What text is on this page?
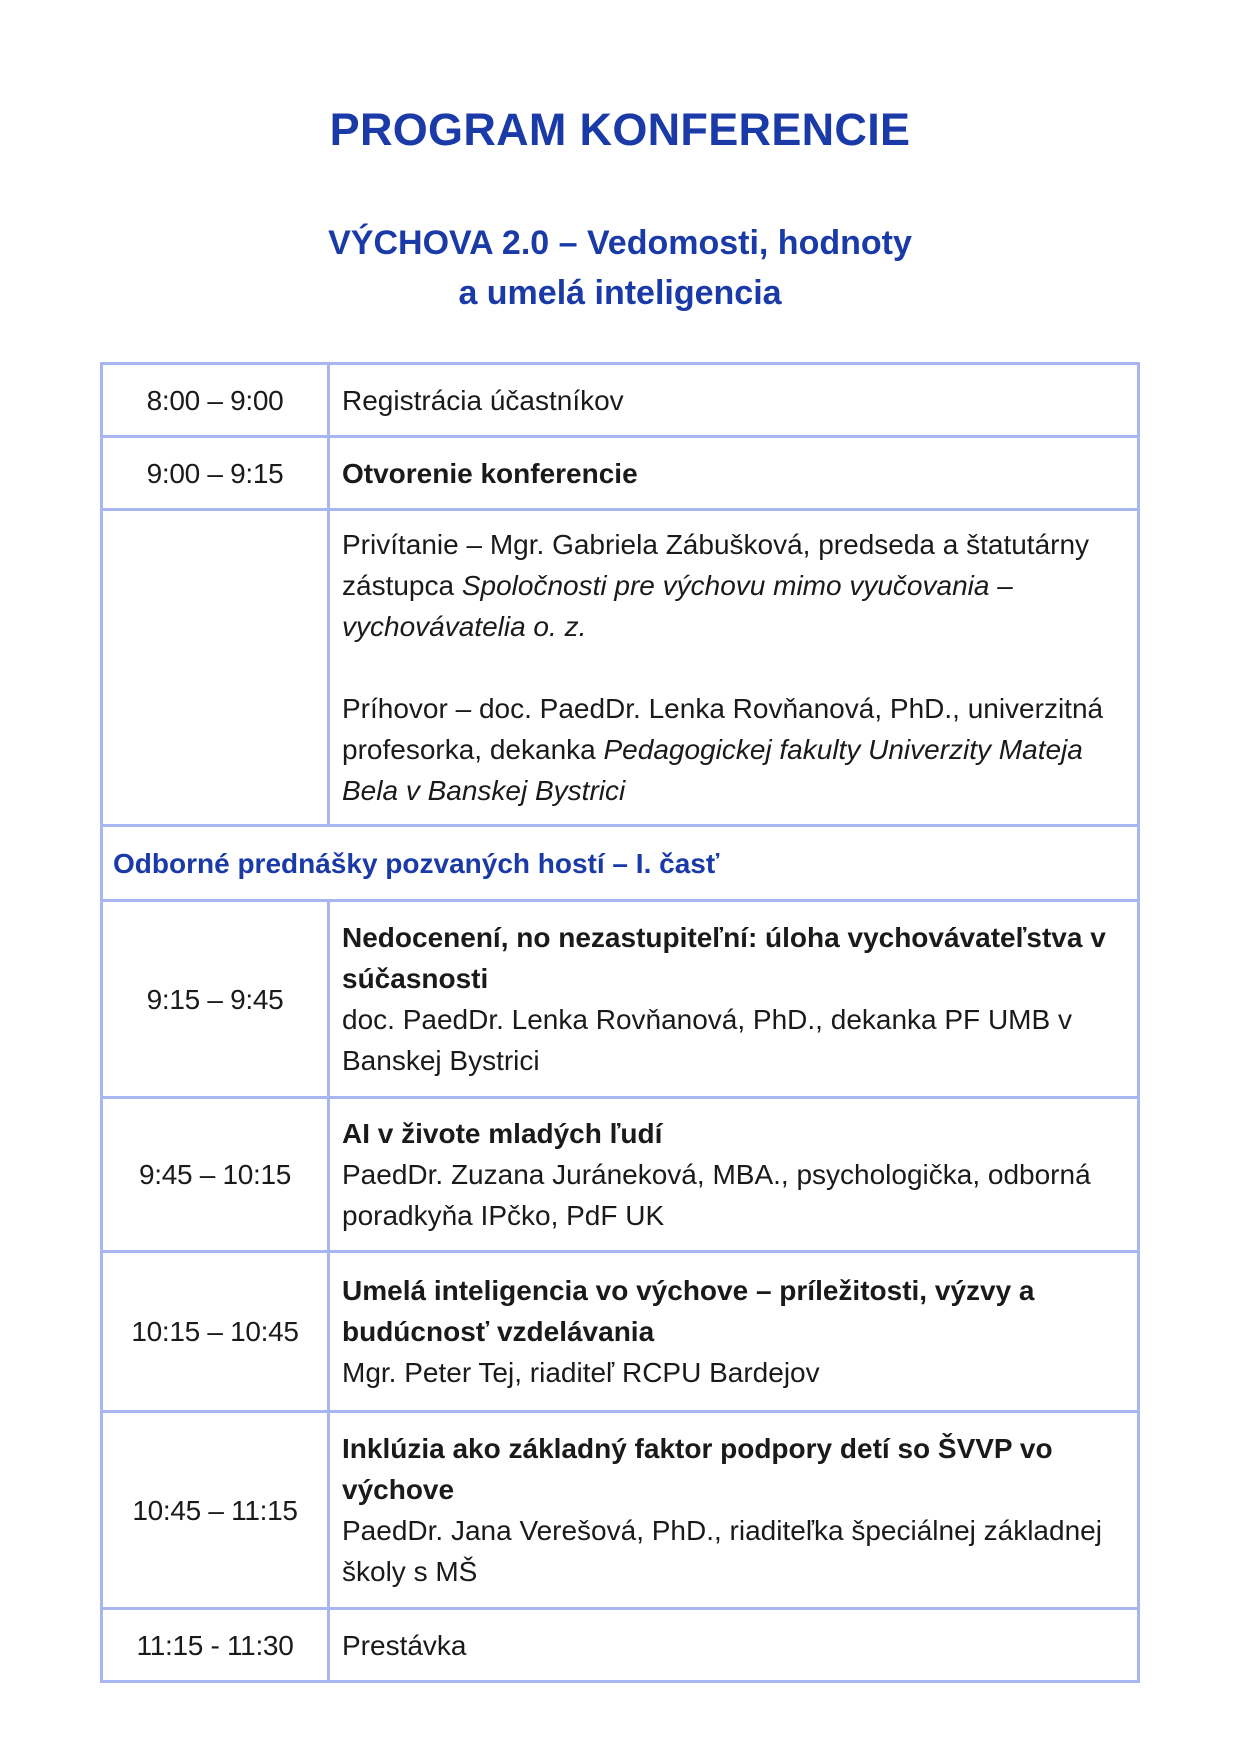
PROGRAM KONFERENCIE
VÝCHOVA 2.0 – Vedomosti, hodnoty
a umelá inteligencia
8:00 – 9:00	Registrácia účastníkov
9:00 – 9:15	Otvorenie konferencie

	Privítanie – Mgr. Gabriela Zábušková, predseda a štatutárny zástupca Spoločnosti pre výchovu mimo vyučovania – vychovávatelia o. z.
Príhovor – doc. PaedDr. Lenka Rovňanová, PhD., univerzitná profesorka, dekanka Pedagogickej fakulty Univerzity Mateja Bela v Banskej Bystrici

Odborné prednášky pozvaných hostí – I. časť	
9:15 – 9:45	Nedocenení, no nezastupiteľní: úloha vychovávateľstva v súčasnosti
doc. PaedDr. Lenka Rovňanová, PhD., dekanka PF UMB v Banskej Bystrici

9:45 – 10:15	AI v živote mladých ľudí
PaedDr. Zuzana Juráneková, MBA., psychologička, odborná poradkyňa IPčko, PdF UK

10:15 – 10:45	Umelá inteligencia vo výchove – príležitosti, výzvy a budúcnosť vzdelávania
Mgr. Peter Tej, riaditeľ RCPU Bardejov

10:45 – 11:15	Inklúzia ako základný faktor podpory detí so ŠVVP vo výchove
PaedDr. Jana Verešová, PhD., riaditeľka špeciálnej základnej školy s MŠ

11:15 - 11:30	Prestávka
